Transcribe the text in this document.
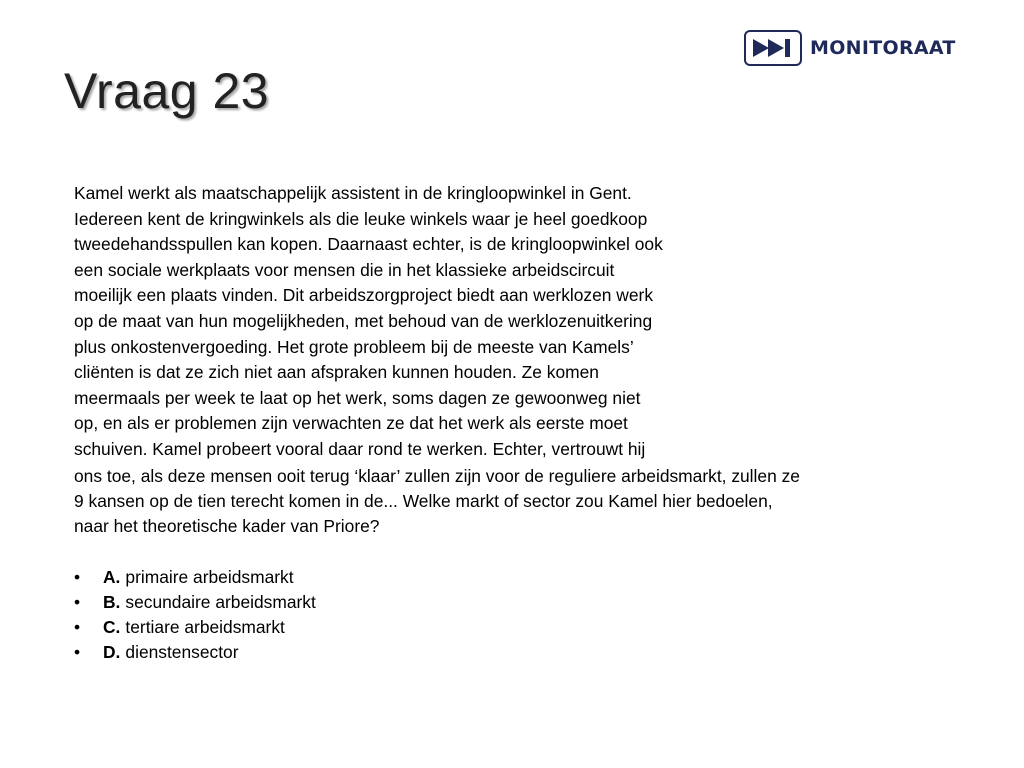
Vraag 23
MONITORAAT
Kamel werkt als maatschappelijk assistent in de kringloopwinkel in Gent.
Iedereen kent de kringwinkels als die leuke winkels waar je heel goedkoop
tweedehandsspullen kan kopen. Daarnaast echter, is de kringloopwinkel ook
een sociale werkplaats voor mensen die in het klassieke arbeidscircuit
moeilijk een plaats vinden. Dit arbeidszorgproject biedt aan werklozen werk
op de maat van hun mogelijkheden, met behoud van de werklozenuitkering
plus onkostenvergoeding. Het grote probleem bij de meeste van Kamels’
cliënten is dat ze zich niet aan afspraken kunnen houden. Ze komen
meermaals per week te laat op het werk, soms dagen ze gewoonweg niet
op, en als er problemen zijn verwachten ze dat het werk als eerste moet
schuiven. Kamel probeert vooral daar rond te werken. Echter, vertrouwt hij
ons toe, als deze mensen ooit terug ‘klaar’ zullen zijn voor de reguliere arbeidsmarkt, zullen ze
9 kansen op de tien terecht komen in de... Welke markt of sector zou Kamel hier bedoelen,
naar het theoretische kader van Priore?
•	A. primaire arbeidsmarkt
•	B. secundaire arbeidsmarkt
•	C. tertiare arbeidsmarkt
•	D. dienstensector
